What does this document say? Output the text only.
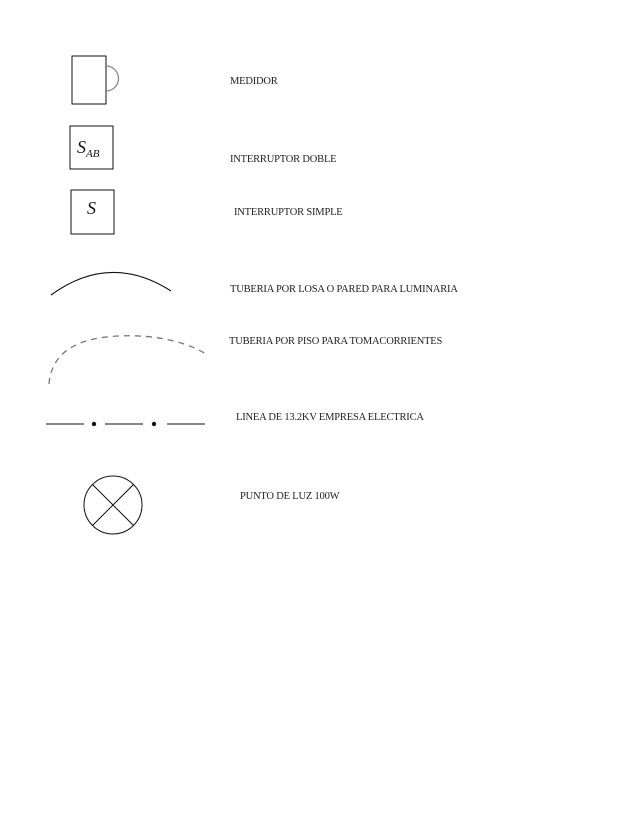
MEDIDOR
$S_{AB}$	INTERRUPTOR DOBLE
S	INTERRUPTOR SIMPLE
TUBERIA POR LOSA O PARED PARA LUMINARIA
TUBERIA POR PISO PARA TOMACORRIENTES
LINEA DE 13.2KV EMPRESA ELECTRICA
PUNTO DE LUZ 100W
